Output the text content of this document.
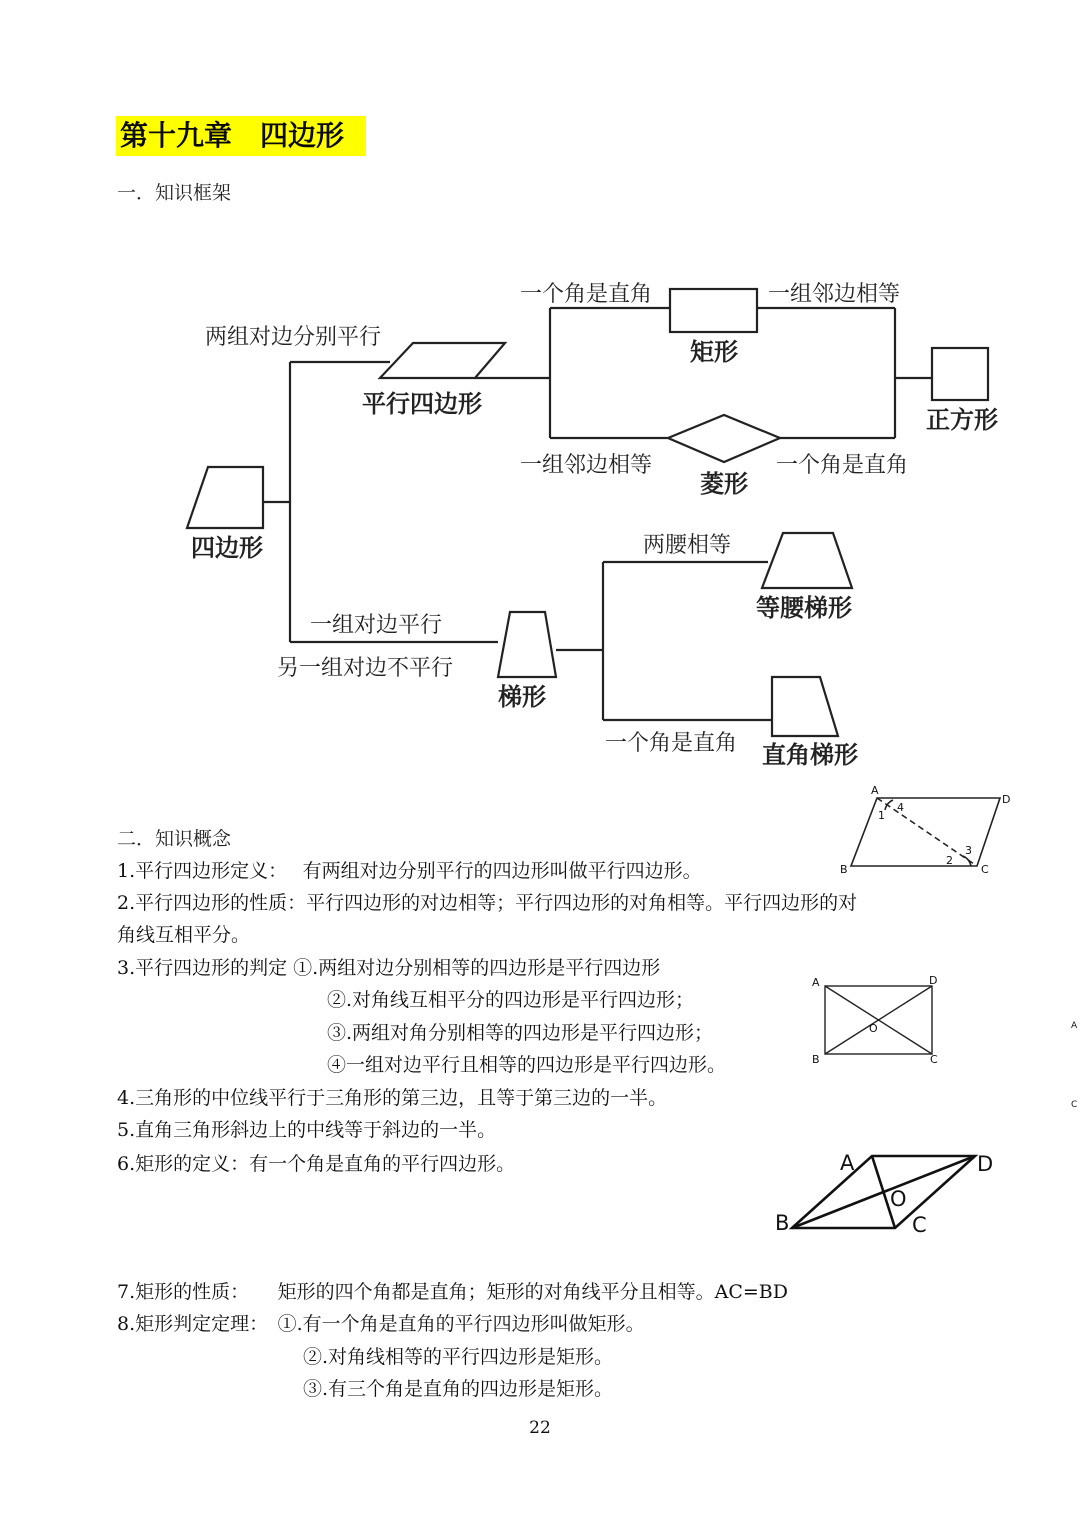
第十九章　四边形
一．知识框架
两组对边分别平行
一个角是直角	一组邻边相等
一组邻边相等	一个角是直角
两腰相等
一组对边平行
另一组对边不平行
一个角是直角
四边形
平行四边形
矩形
菱形
正方形
梯形
等腰梯形
直角梯形
二．知识概念
1.平行四边形定义：　 有两组对边分别平行的四边形叫做平行四边形。
2.平行四边形的性质：平行四边形的对边相等；平行四边形的对角相等。平行四边形的对
角线互相平分。
3.平行四边形的判定 ①.两组对边分别相等的四边形是平行四边形
②.对角线互相平分的四边形是平行四边形；
③.两组对角分别相等的四边形是平行四边形；
④一组对边平行且相等的四边形是平行四边形。
4.三角形的中位线平行于三角形的第三边，且等于第三边的一半。
5.直角三角形斜边上的中线等于斜边的一半。
6.矩形的定义：有一个角是直角的平行四边形。
7.矩形的性质：　　矩形的四个角都是直角；矩形的对角线平分且相等。AC=BD
8.矩形判定定理：　①.有一个角是直角的平行四边形叫做矩形。
②.对角线相等的平行四边形是矩形。
③.有三个角是直角的四边形是矩形。
A
D
B	C
1
4
2
3
A	D
B	C
O
A	D
B	C
O
A
C
22
